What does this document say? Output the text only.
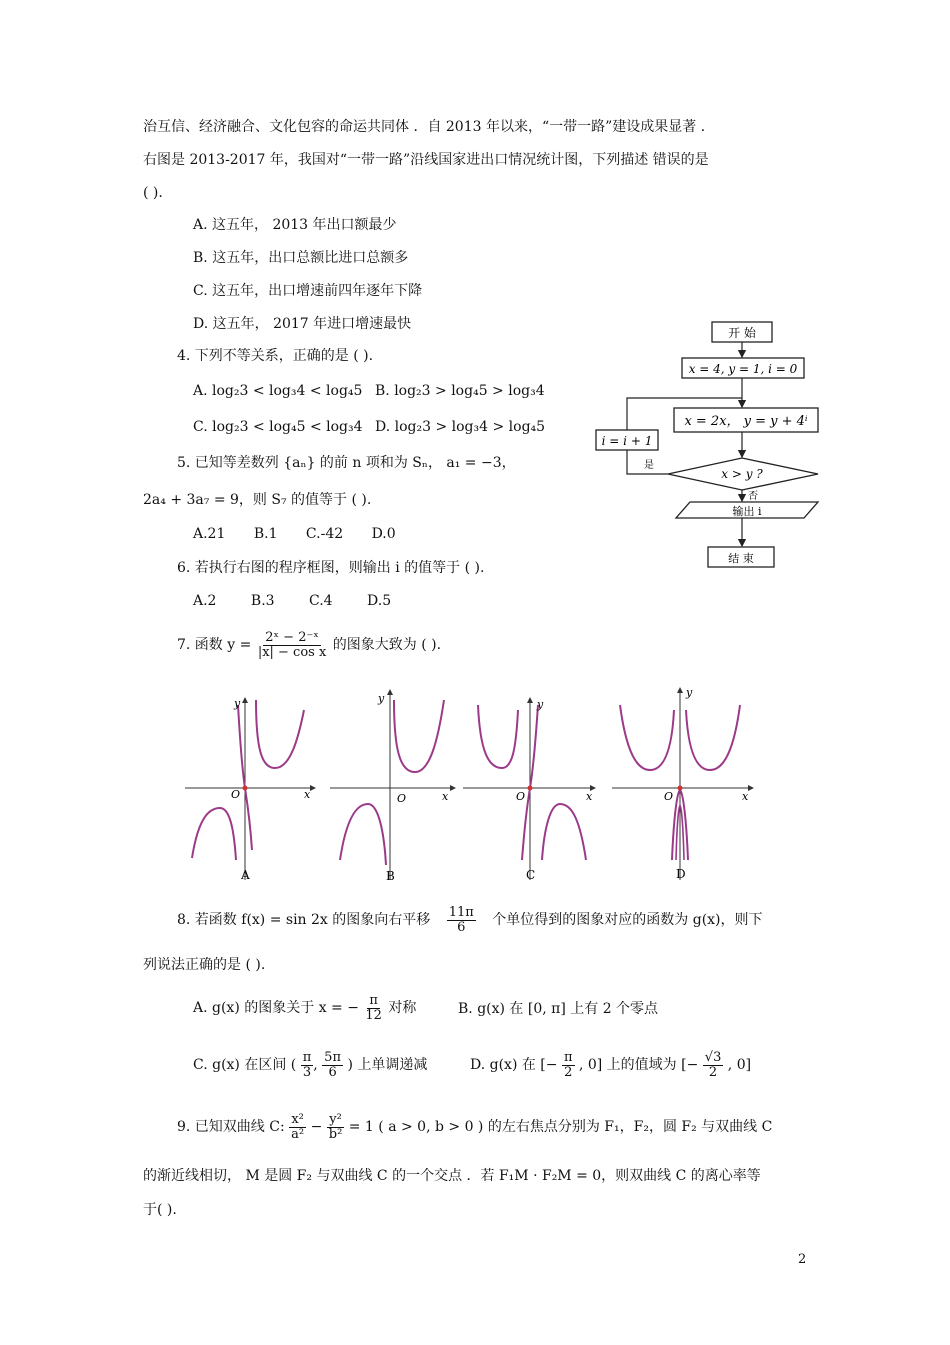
治互信、经济融合、文化包容的命运共同体 ．自 2013 年以来，“一带一路”建设成果显著 ．
右图是 2013-2017 年，我国对“一带一路”沿线国家进出口情况统计图，下列描述 错误的是
( ).
A. 这五年， 2013 年出口额最少
B. 这五年，出口总额比进口总额多
C. 这五年，出口增速前四年逐年下降
D. 这五年， 2017 年进口增速最快
4. 下列不等关系，正确的是 ( ).
A. log₂3 < log₃4 < log₄5 B. log₂3 > log₄5 > log₃4
C. log₂3 < log₄5 < log₃4 D. log₂3 > log₃4 > log₄5
5. 已知等差数列 {aₙ} 的前 n 项和为 Sₙ， a₁ = −3，
2a₄ + 3a₇ = 9，则 S₇ 的值等于 ( ).
A.21 B.1 C.-42 D.0
6. 若执行右图的程序框图，则输出 i 的值等于 ( ).
A.2 B.3 C.4 D.5
7. 函数 $y = \frac{\text{2ˣ − 2⁻ˣ}}{\text{|x| − cos x}}$ 的图象大致为 ( ).
O
y
x
A
O
y
x
B
O
y
x
C
O
y
x
D
8. 若函数 f(x) = sin 2x 的图象向右平移 $\frac{11\pi}{6}$ 个单位得到的图象对应的函数为 g(x)，则下
列说法正确的是 ( ).
A. g(x) 的图象关于 x = − $\frac{\pi}{12}$ 对称	B. g(x) 在 [0, π] 上有 2 个零点
C. g(x) 在区间 ( $\frac{\pi}{3}$ , $\frac{5\pi}{6}$ ) 上单调递减	D. g(x) 在 [− $\frac{\pi}{2}$ , 0] 上的值域为 [− $\frac{√3}{2}$ , 0]
9. 已知双曲线 C: $\frac{\text{x²}}{\text{a²}} - \frac{\text{y²}}{\text{b²}} = 1$ ( a > 0, b > 0 ) 的左右焦点分别为 F₁，F₂，圆 F₂ 与双曲线 C
的渐近线相切， M 是圆 F₂ 与双曲线 C 的一个交点 ．若 F₁M · F₂M = 0，则双曲线 C 的离心率等
于( ).
开 始
x = 4, y = 1, i = 0
x = 2x， y = y + 4ⁱ
i = i + 1
x > y ?
是
否
输出 i
结 束
2
